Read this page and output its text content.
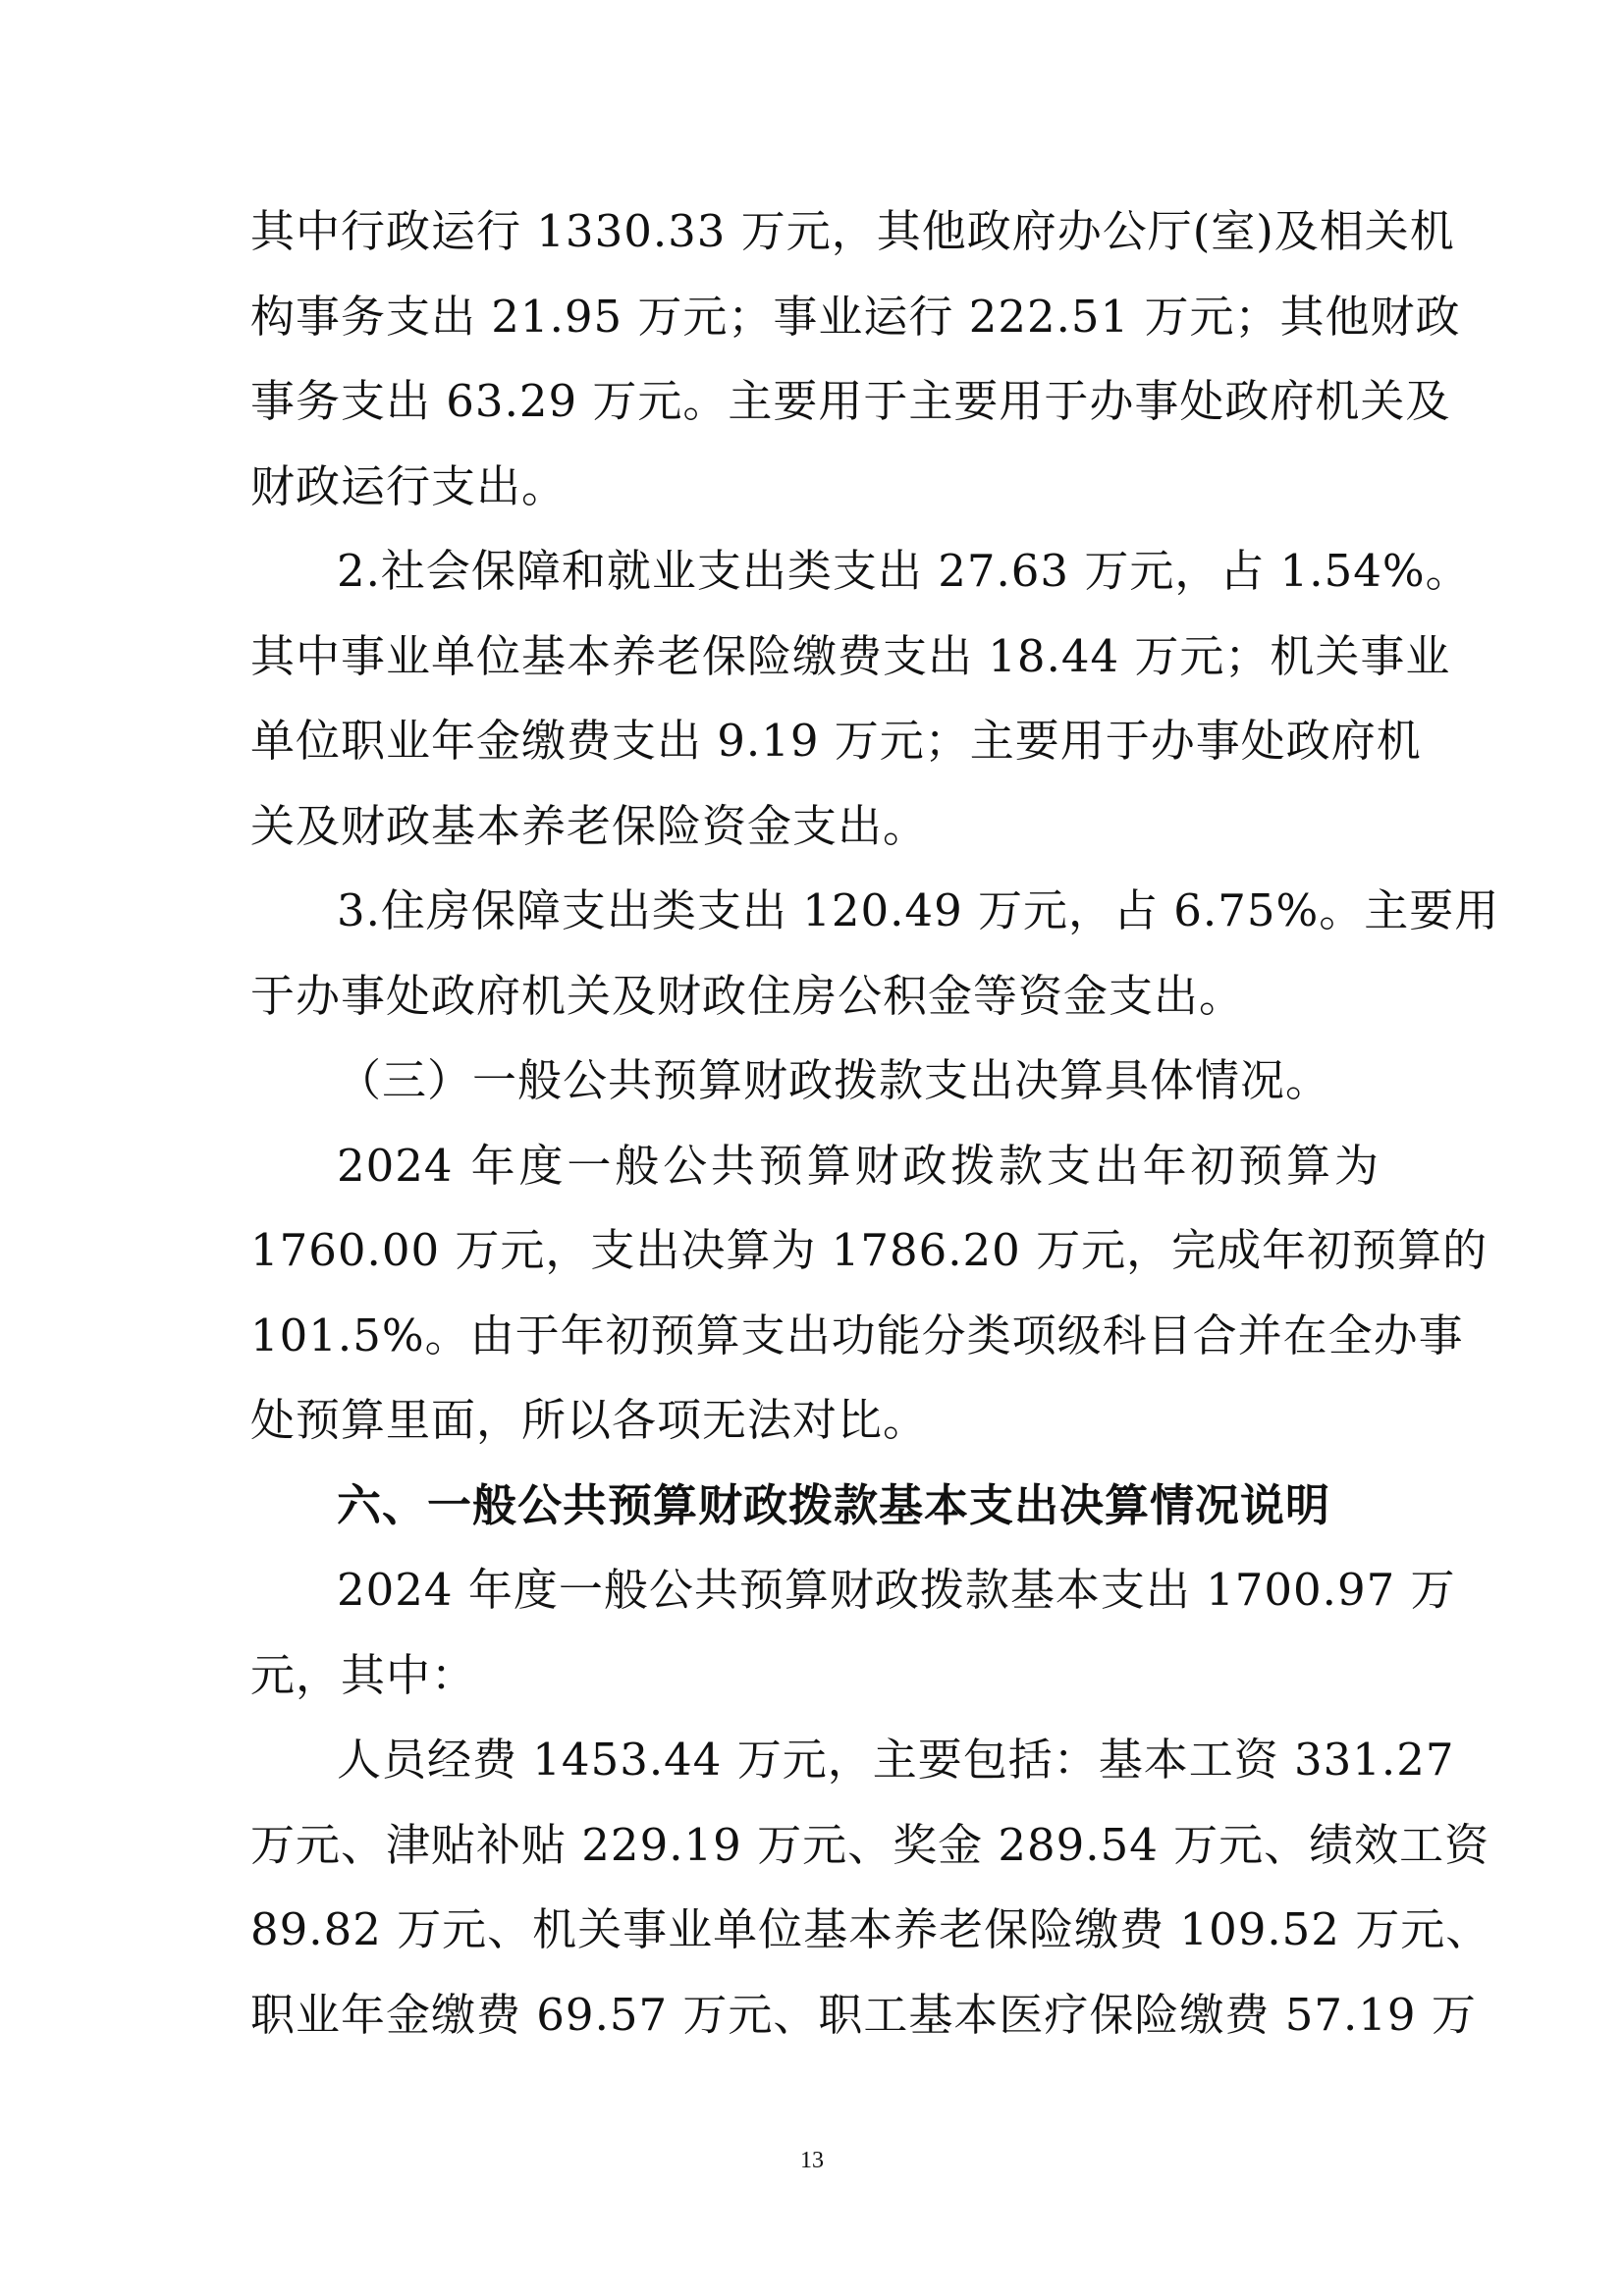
其中行政运行 1330.33 万元，其他政府办公厅(室)及相关机
构事务支出 21.95 万元；事业运行 222.51 万元；其他财政
事务支出 63.29 万元。主要用于主要用于办事处政府机关及
财政运行支出。
2.社会保障和就业支出类支出 27.63 万元，占 1.54%。
其中事业单位基本养老保险缴费支出 18.44 万元；机关事业
单位职业年金缴费支出 9.19 万元；主要用于办事处政府机
关及财政基本养老保险资金支出。
3.住房保障支出类支出 120.49 万元，占 6.75%。主要用
于办事处政府机关及财政住房公积金等资金支出。
（三）一般公共预算财政拨款支出决算具体情况。
2024 年度一般公共预算财政拨款支出年初预算为
1760.00 万元，支出决算为 1786.20 万元，完成年初预算的
101.5%。由于年初预算支出功能分类项级科目合并在全办事
处预算里面，所以各项无法对比。
六、一般公共预算财政拨款基本支出决算情况说明
2024 年度一般公共预算财政拨款基本支出 1700.97 万
元，其中：
人员经费 1453.44 万元，主要包括：基本工资 331.27
万元、津贴补贴 229.19 万元、奖金 289.54 万元、绩效工资
89.82 万元、机关事业单位基本养老保险缴费 109.52 万元、
职业年金缴费 69.57 万元、职工基本医疗保险缴费 57.19 万
13
